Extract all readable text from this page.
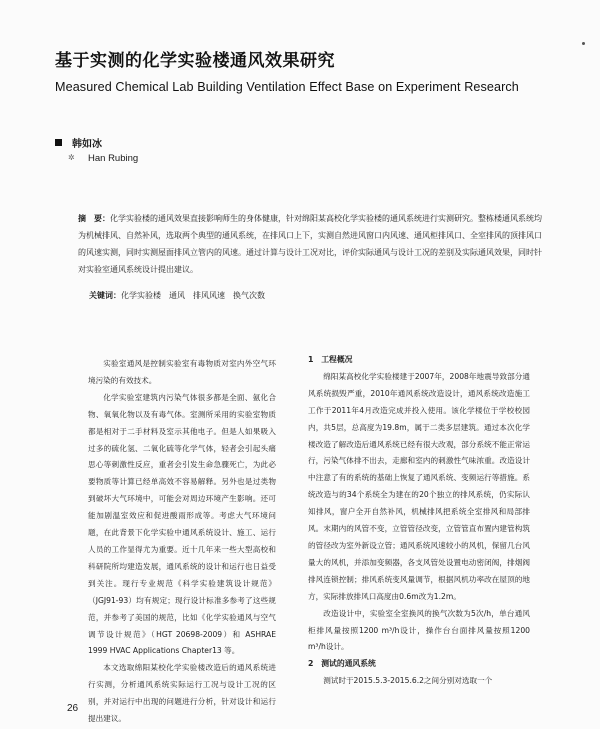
基于实测的化学实验楼通风效果研究
Measured Chemical Lab Building Ventilation Effect Base on Experiment Research
韩如冰
✲ Han Rubing
摘　要：化学实验楼的通风效果直接影响师生的身体健康，针对绵阳某高校化学实验楼的通风系统进行实测研究。整栋楼通风系统均为机械排风、自然补风，选取两个典型的通风系统，在排风口上下，实测自然进风窗口内风速、通风柜排风口、全室排风的顶排风口的风速实测，同时实测屋面排风立管内的风速。通过计算与设计工况对比，评价实际通风与设计工况的差别及实际通风效果，同时针对实验室通风系统设计提出建议。
关键词：化学实验楼　通风　排风风速　换气次数

实验室通风是控制实验室有毒物质对室内外空气环境污染的有效技术。

化学实验室建筑内污染气体很多都是全面、氨化合物、氧氧化物以及有毒气体。室测所采用的实验室物质都是相对于二手材料及室示其他电子。但是人如果吸入过多的硫化氢、二氧化硫等化学气体，轻者会引起头痛思心等刺激性反应，重者会引发生命急骤死亡，为此必要物质等计算已经单高效不容易解释。另外也是过类物到破坏大气环境中，可能会对周边环境产生影响。还可能加剧温室效应和促进酸雨形成等。考虑大气环境问题，在此背景下化学实验中通风系统设计、施工、运行人员的工作显得尤为重要。近十几年来一些大型高校和科研院所均建造发展，通风系统的设计和运行也日益受到关注。现行专业规范《科学实验建筑设计规范》（JGJ91-93）均有规定；现行设计标准多参考了这些规范，并参考了美国的规范，比如《化学实验通风与空气调节设计规范》（HGT 20698-2009）和 ASHRAE 1999 HVAC Applications Chapter13 等。

本文选取绵阳某校化学实验楼改造后的通风系统进行实测，分析通风系统实际运行工况与设计工况的区别，并对运行中出现的问题进行分析，针对设计和运行提出建议。

1　工程概况

绵阳某高校化学实验楼建于2007年，2008年地震导致部分通风系统损毁严重，2010年通风系统改造设计，通风系统改造施工工作于2011年4月改造完成并投入使用。该化学楼位于学校校园内，共5层，总高度为19.8m，属于二类多层建筑。通过本次化学楼改造了解改造后通风系统已经有很大改观，部分系统不能正常运行，污染气体排不出去，走廊和室内的刺激性气味浓重。改造设计中注意了有的系统的基础上恢复了通风系统、变频运行等措施。系统改造与的34个系统全为建在的20个独立的排风系统，仍实际认知排风，窗户全开自然补风，机械排风把系统全室排风和局部排风。末期内的风管不变，立管管径改变，立管管直布置内建管构筑的管径改为室外新设立管；通风系统风速较小的风机，保留几台风量大的风机，并添加变频器，各支风管处设置电动密闭阀，排烟阀排风连锁控制；排风系统变风量调节，根据风机功率改在屋顶的地方，实际排放排风口高度由0.6m改为1.2m。

改造设计中，实验室全室换风的换气次数为5次/h，单台通风柜排风量按照1200 m³/h设计，操作台台面排风量按照1200 m³/h设计。

2　测试的通风系统

测试时于2015.5.3-2015.6.2之间分别对选取一个

26
